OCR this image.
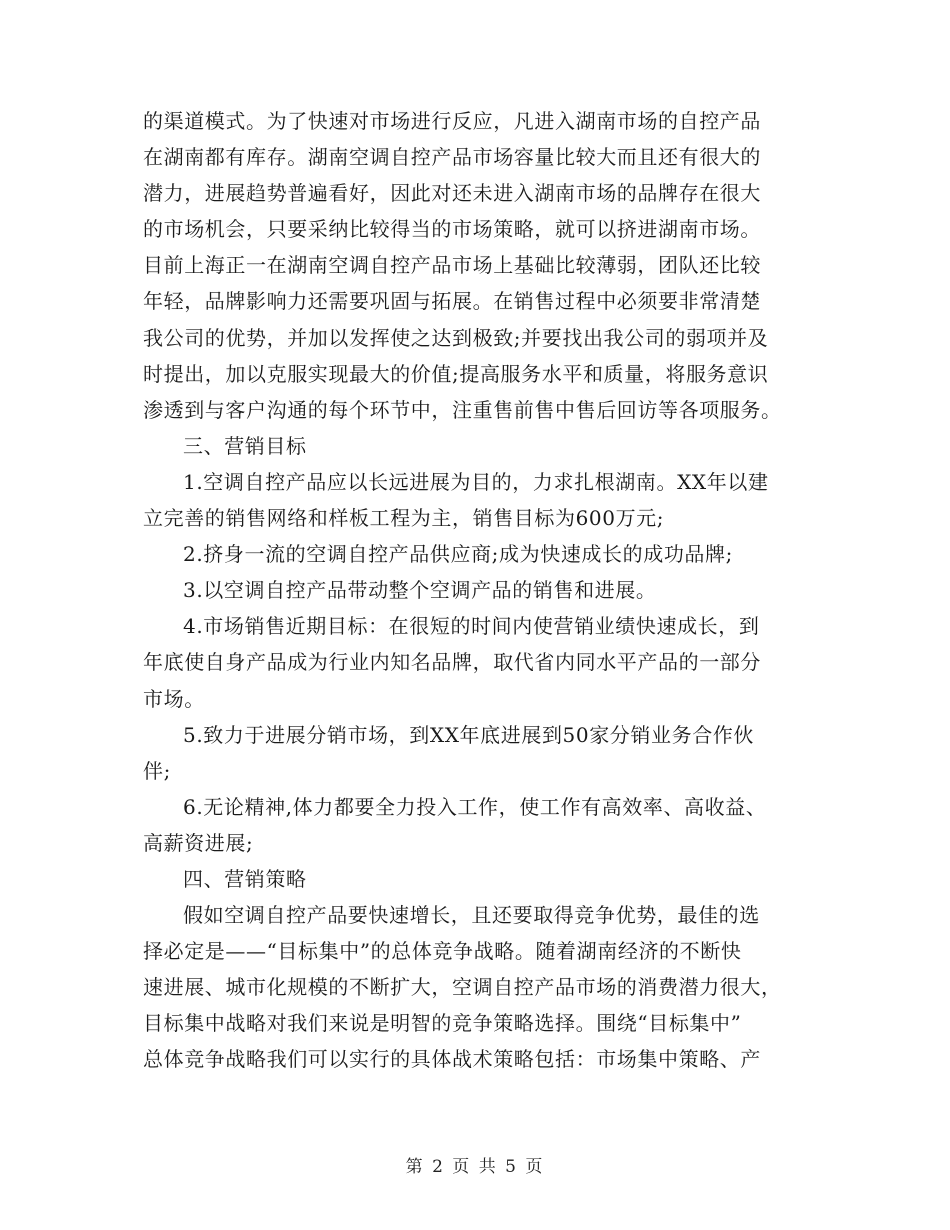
的渠道模式。为了快速对市场进行反应，凡进入湖南市场的自控产品
在湖南都有库存。湖南空调自控产品市场容量比较大而且还有很大的
潜力，进展趋势普遍看好，因此对还未进入湖南市场的品牌存在很大
的市场机会，只要采纳比较得当的市场策略，就可以挤进湖南市场。
目前上海正一在湖南空调自控产品市场上基础比较薄弱，团队还比较
年轻，品牌影响力还需要巩固与拓展。在销售过程中必须要非常清楚
我公司的优势，并加以发挥使之达到极致;并要找出我公司的弱项并及
时提出，加以克服实现最大的价值;提高服务水平和质量，将服务意识
渗透到与客户沟通的每个环节中，注重售前售中售后回访等各项服务。
三、营销目标
1.空调自控产品应以长远进展为目的，力求扎根湖南。XX年以建
立完善的销售网络和样板工程为主，销售目标为600万元;
2.挤身一流的空调自控产品供应商;成为快速成长的成功品牌;
3.以空调自控产品带动整个空调产品的销售和进展。
4.市场销售近期目标：在很短的时间内使营销业绩快速成长，到
年底使自身产品成为行业内知名品牌，取代省内同水平产品的一部分
市场。
5.致力于进展分销市场，到XX年底进展到50家分销业务合作伙
伴;
6.无论精神,体力都要全力投入工作，使工作有高效率、高收益、
高薪资进展;
四、营销策略
假如空调自控产品要快速增长，且还要取得竞争优势，最佳的选
择必定是——“目标集中”的总体竞争战略。随着湖南经济的不断快
速进展、城市化规模的不断扩大，空调自控产品市场的消费潜力很大，
目标集中战略对我们来说是明智的竞争策略选择。围绕“目标集中”
总体竞争战略我们可以实行的具体战术策略包括：市场集中策略、产
第 2 页 共 5 页
